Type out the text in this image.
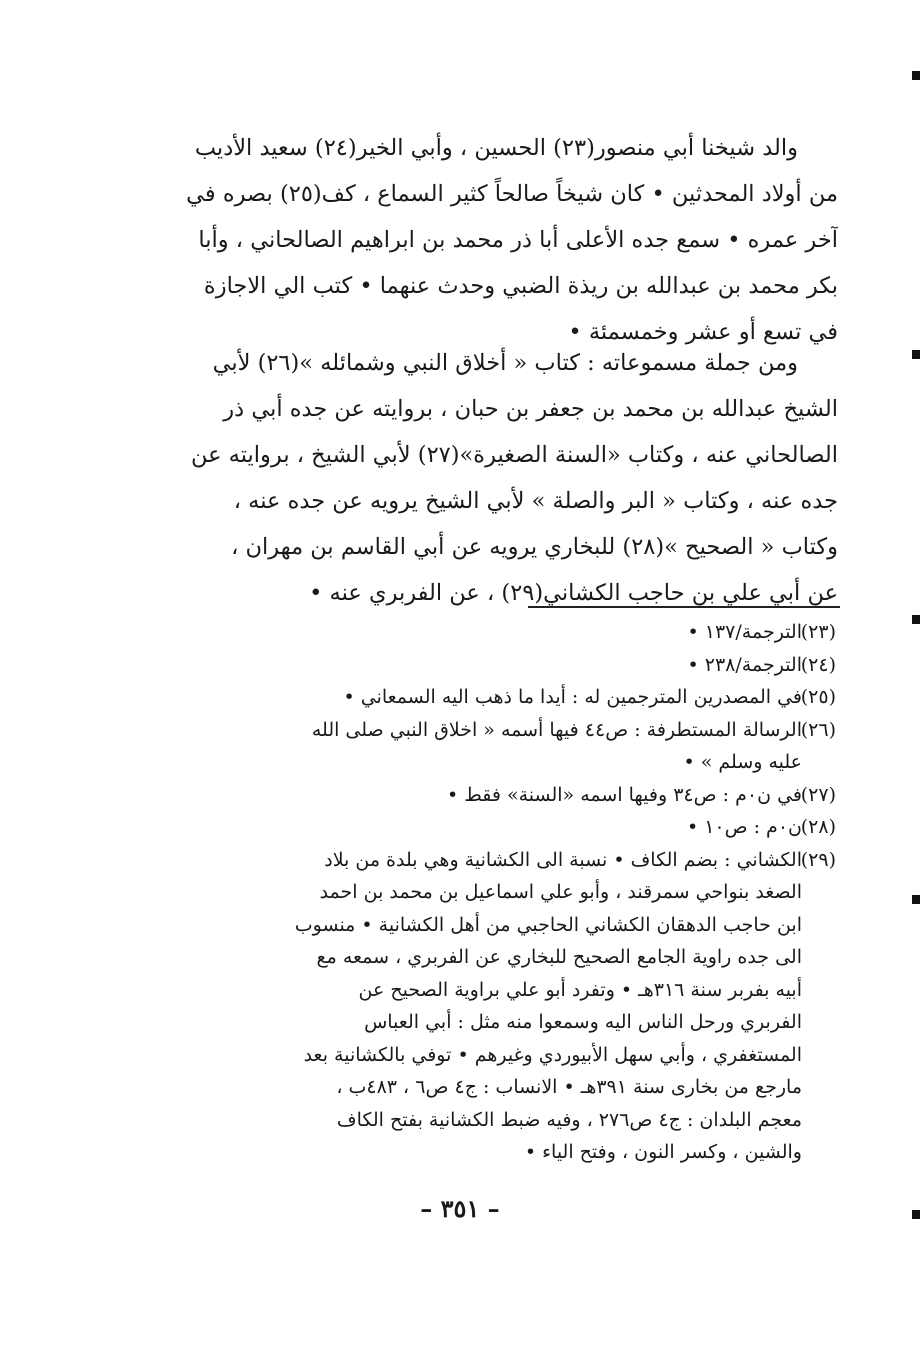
والد شيخنا أبي منصور(٢٣) الحسين ، وأبي الخير(٢٤) سعيد الأديب
من أولاد المحدثين • كان شيخاً صالحاً كثير السماع ، كف(٢٥) بصره في
آخر عمره • سمع جده الأعلى أبا ذر محمد بن ابراهيم الصالحاني ، وأبا
بكر محمد بن عبدالله بن ريذة الضبي وحدث عنهما • كتب الي الاجازة
في تسع أو عشر وخمسمئة •
ومن جملة مسموعاته : كتاب « أخلاق النبي وشمائله »(٢٦) لأبي
الشيخ عبدالله بن محمد بن جعفر بن حبان ، بروايته عن جده أبي ذر
الصالحاني عنه ، وكتاب «السنة الصغيرة»(٢٧) لأبي الشيخ ، بروايته عن
جده عنه ، وكتاب « البر والصلة » لأبي الشيخ يرويه عن جده عنه ،
وكتاب « الصحيح »(٢٨) للبخاري يرويه عن أبي القاسم بن مهران ،
عن أبي علي بن حاجب الكشاني(٢٩) ، عن الفربري عنه •
(٢٣)الترجمة/١٣٧ •
(٢٤)الترجمة/٢٣٨ •
(٢٥)في المصدرين المترجمين له : أيدا ما ذهب اليه السمعاني •
(٢٦)الرسالة المستطرفة : ص٤٤ فيها أسمه « اخلاق النبي صلى الله
عليه وسلم » •
(٢٧)في ن٠م : ص٣٤ وفيها اسمه «السنة» فقط •
(٢٨)ن٠م : ص١٠ •
(٢٩)الكشاني : بضم الكاف • نسبة الى الكشانية وهي بلدة من بلاد
الصغد بنواحي سمرقند ، وأبو علي اسماعيل بن محمد بن احمد
ابن حاجب الدهقان الكشاني الحاجبي من أهل الكشانية • منسوب
الى جده راوية الجامع الصحيح للبخاري عن الفربري ، سمعه مع
أبيه بفربر سنة ٣١٦هـ • وتفرد أبو علي براوية الصحيح عن
الفربري ورحل الناس اليه وسمعوا منه مثل : أبي العباس
المستغفري ، وأبي سهل الأبيوردي وغيرهم • توفي بالكشانية بعد
مارجع من بخارى سنة ٣٩١هـ • الانساب : ج٤ ص٦ ، ٤٨٣ب ،
معجم البلدان : ج٤ ص٢٧٦ ، وفيه ضبط الكشانية بفتح الكاف
والشين ، وكسر النون ، وفتح الياء •
– ٣٥١ –
